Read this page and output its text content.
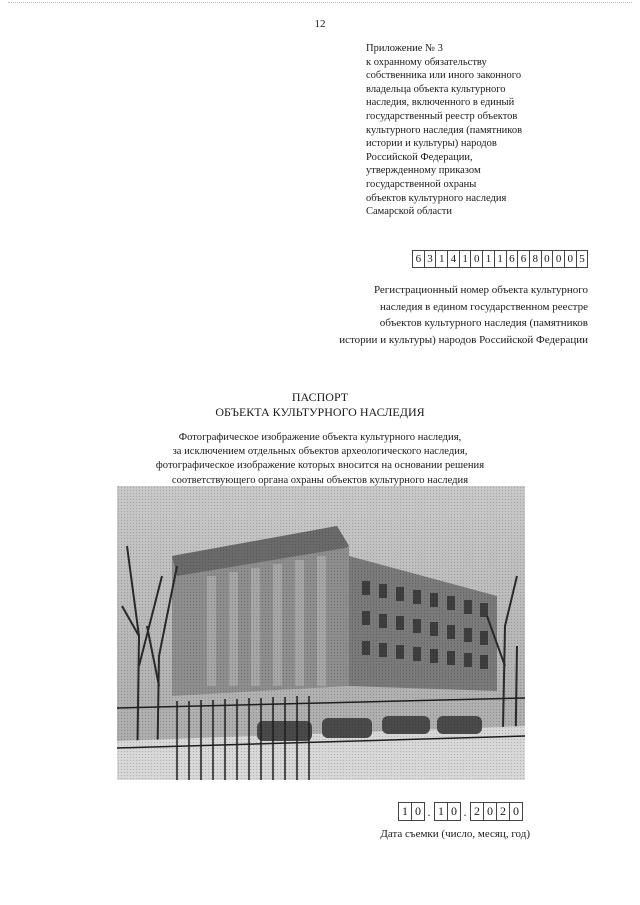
12
Приложение № 3
к охранному обязательству
собственника или иного законного
владельца объекта культурного
наследия, включенного в единый
государственный реестр объектов
культурного наследия (памятников
истории и культуры) народов
Российской Федерации,
утвержденному приказом
государственной охраны
объектов культурного наследия
Самарской области
6 3 1 4 1 0 1 1 6 6 8 0 0 0 5
Регистрационный номер объекта культурного
наследия в едином государственном реестре
объектов культурного наследия (памятников
истории и культуры) народов Российской Федерации
ПАСПОРТ
ОБЪЕКТА КУЛЬТУРНОГО НАСЛЕДИЯ
Фотографическое изображение объекта культурного наследия,
за исключением отдельных объектов археологического наследия,
фотографическое изображение которых вносится на основании решения
соответствующего органа охраны объектов культурного наследия
1 0 . 1 0 . 2 0 2 0
Дата съемки (число, месяц, год)
